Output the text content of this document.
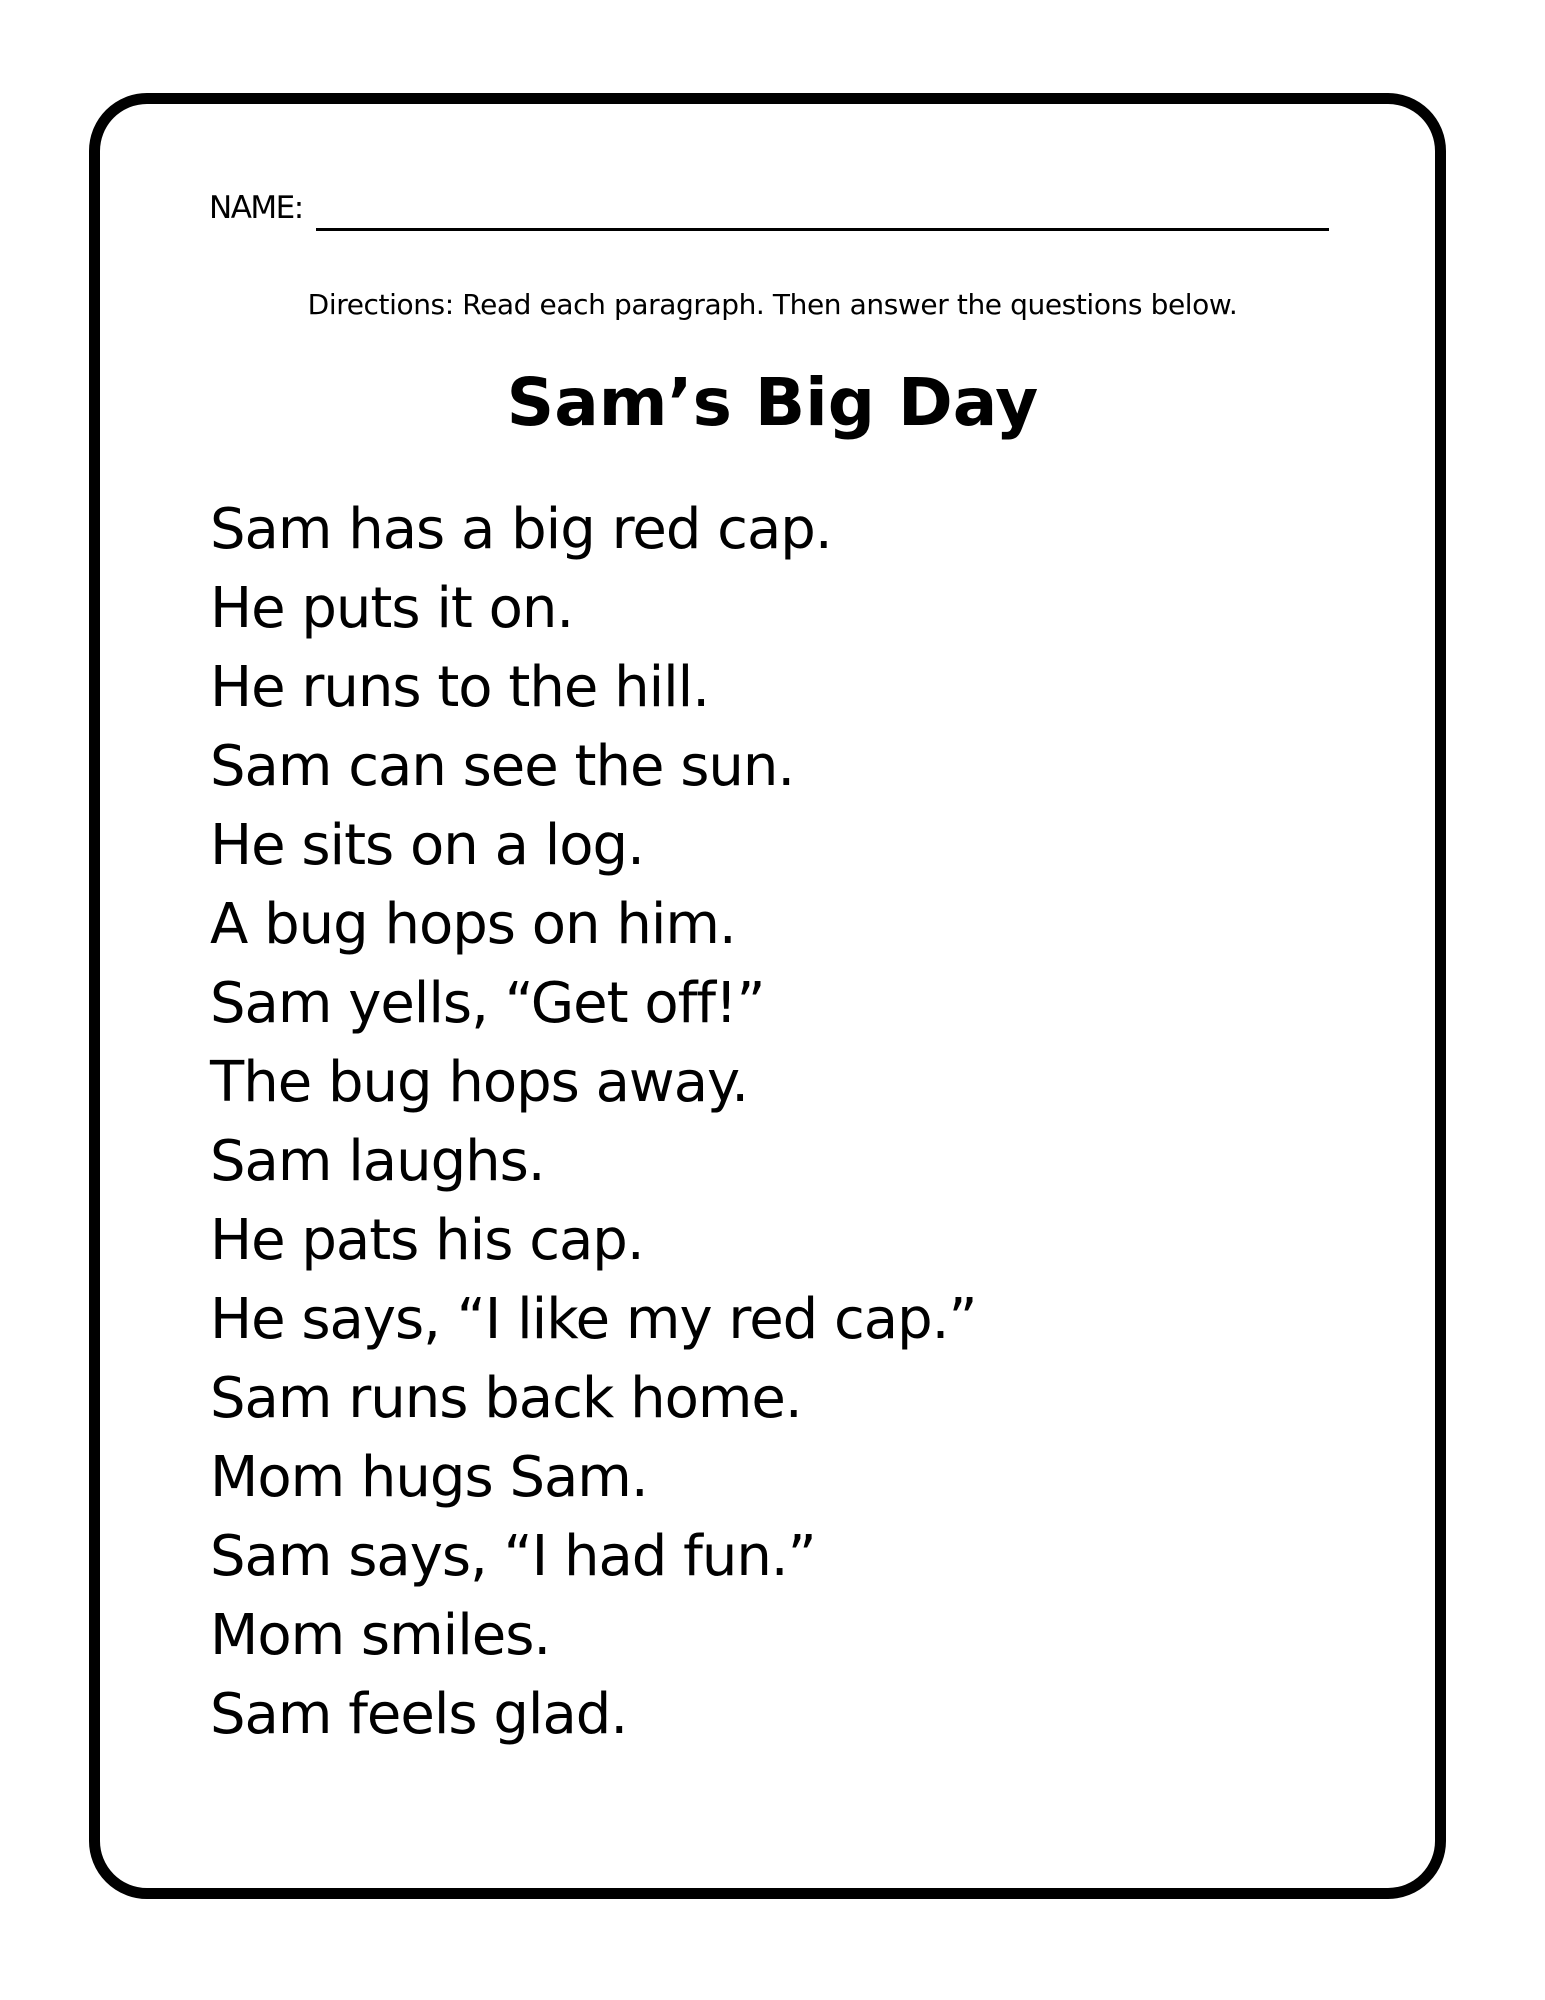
NAME:
Directions: Read each paragraph. Then answer the questions below.
Sam’s Big Day
Sam has a big red cap.
He puts it on.
He runs to the hill.
Sam can see the sun.
He sits on a log.
A bug hops on him.
Sam yells, “Get off!”
The bug hops away.
Sam laughs.
He pats his cap.
He says, “I like my red cap.”
Sam runs back home.
Mom hugs Sam.
Sam says, “I had fun.”
Mom smiles.
Sam feels glad.
